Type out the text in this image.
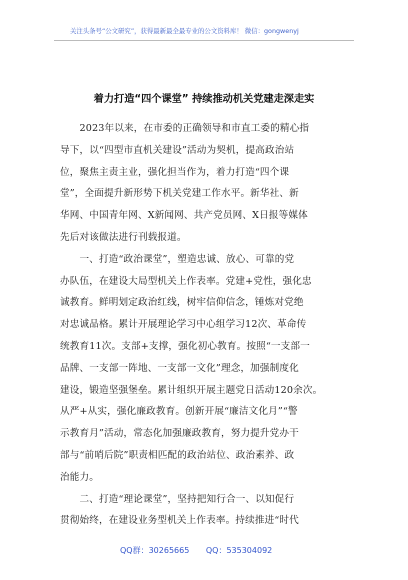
关注头条号“公文研究”，获得最新最全最专业的公文资料库！ 微信：gongwenyj
着力打造“四个课堂” 持续推动机关党建走深走实
　　2023年以来，在市委的正确领导和市直工委的精心指
导下，以“四型市直机关建设”活动为契机，提高政治站
位，聚焦主责主业，强化担当作为，着力打造“四个课
堂”，全面提升新形势下机关党建工作水平。新华社、新
华网、中国青年网、X新闻网、共产党员网、X日报等媒体
先后对该做法进行刊载报道。
　　一、打造“政治课堂”，塑造忠诚、放心、可靠的党
办队伍，在建设大局型机关上作表率。党建+党性，强化忠
诚教育。鲜明划定政治红线，树牢信仰信念，锤炼对党绝
对忠诚品格。累计开展理论学习中心组学习12次、革命传
统教育11次。支部+支撑，强化初心教育。按照“一支部一
品牌、一支部一阵地、一支部一文化”理念，加强制度化
建设，锻造坚强堡垒。累计组织开展主题党日活动120余次。
从严+从实，强化廉政教育。创新开展“廉洁文化月”“警
示教育月”活动，常态化加强廉政教育，努力提升党办干
部与“前哨后院”职责相匹配的政治站位、政治素养、政
治能力。
　　二、打造“理论课堂”，坚持把知行合一、以知促行
贯彻始终，在建设业务型机关上作表率。持续推进“时代
QQ群：30265665 QQ：535304092
